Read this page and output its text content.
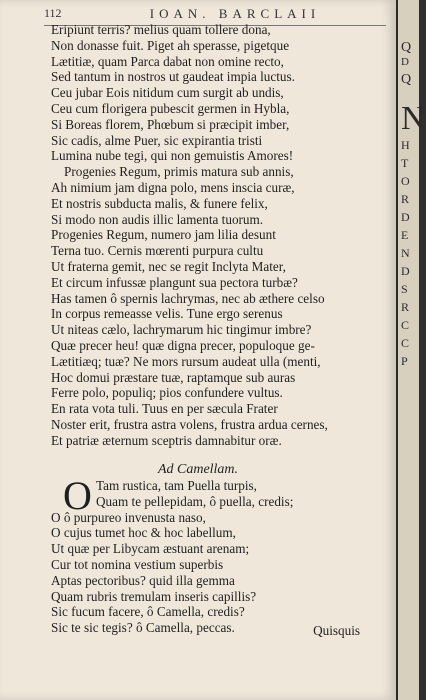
112	IOAN. BARCLAII
Eripiunt terris? melius quam tollere dona,
Non donasse fuit. Piget ah sperasse, pigetque
Lætitiæ, quam Parca dabat non omine recto,
Sed tantum in nostros ut gaudeat impia luctus.
Ceu jubar Eois nitidum cum surgit ab undis,
Ceu cum florigera pubescit germen in Hybla,
Si Boreas florem, Phœbum si præcipit imber,
Sic cadis, alme Puer, sic expirantia tristi
Lumina nube tegi, qui non gemuistis Amores!
Progenies Regum, primis matura sub annis,
Ah nimium jam digna polo, mens inscia curæ,
Et nostris subducta malis, & funere felix,
Si modo non audis illic lamenta tuorum.
Progenies Regum, numero jam lilia desunt
Terna tuo. Cernis mœrenti purpura cultu
Ut fraterna gemit, nec se regit Inclyta Mater,
Et circum infussæ plangunt sua pectora turbæ?
Has tamen ô spernis lachrymas, nec ab æthere celso
In corpus remeasse velis. Tune ergo serenus
Ut niteas cælo, lachrymarum hic tingimur imbre?
Quæ precer heu! quæ digna precer, populoque ge-
Lætitiæq; tuæ? Ne mors rursum audeat ulla (menti,
Hoc domui præstare tuæ, raptamque sub auras
Ferre polo, populiq; pios confundere vultus.
En rata vota tuli. Tuus en per sæcula Frater
Noster erit, frustra astra volens, frustra ardua cernes,
Et patriæ æternum sceptris damnabitur oræ.
Ad Camellam.
O Tam rustica, tam Puella turpis,
Quam te pellepidam, ô puella, credis;
O ô purpureo invenusta naso,
O cujus tumet hoc & hoc labellum,
Ut quæ per Libycam æstuant arenam;
Cur tot nomina vestium superbis
Aptas pectoribus? quid illa gemma
Quam rubris tremulam inseris capillis?
Sic fucum facere, ô Camella, credis?
Sic te sic tegis? ô Camella, peccas.	Quisquis
Q
D
Q
N
H
T
O
R
D
E
N
D
S
R
C
C
P
